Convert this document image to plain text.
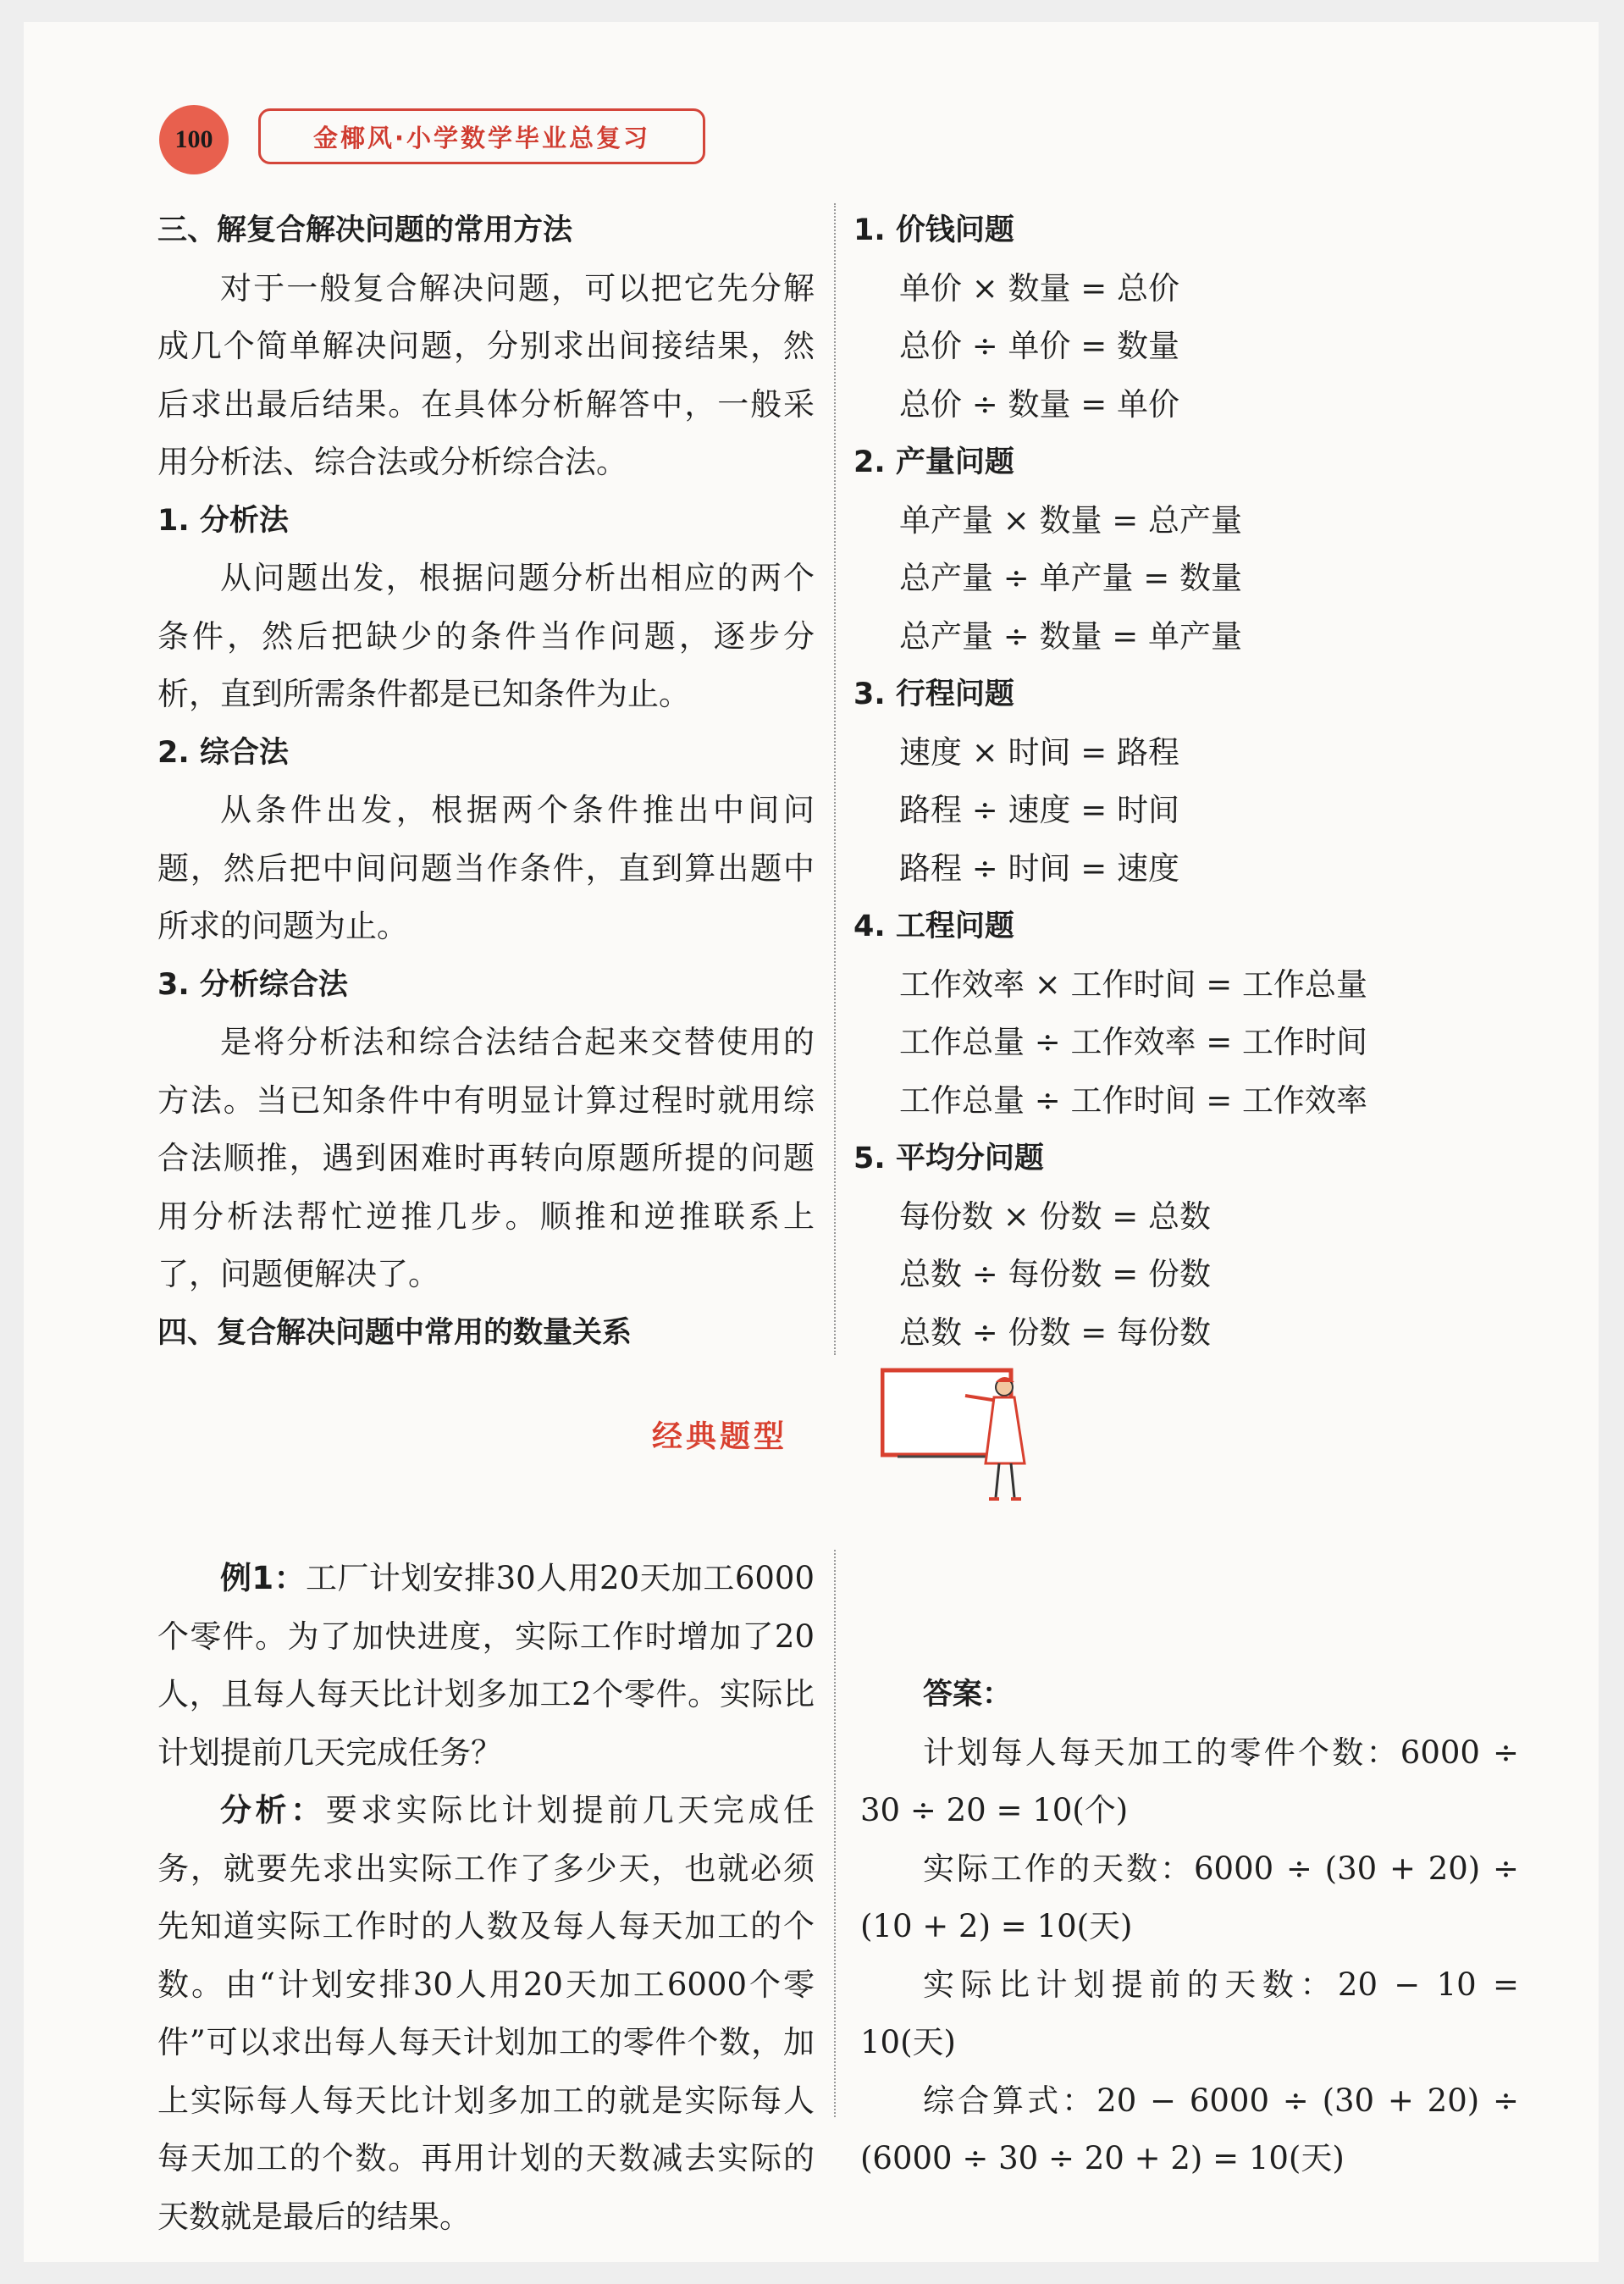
100	金椰风·小学数学毕业总复习
三、解复合解决问题的常用方法
对于一般复合解决问题，可以把它先分解成几个简单解决问题，分别求出间接结果，然后求出最后结果。在具体分析解答中，一般采用分析法、综合法或分析综合法。
1. 分析法
从问题出发，根据问题分析出相应的两个条件，然后把缺少的条件当作问题，逐步分析，直到所需条件都是已知条件为止。
2. 综合法
从条件出发，根据两个条件推出中间问题，然后把中间问题当作条件，直到算出题中所求的问题为止。
3. 分析综合法
是将分析法和综合法结合起来交替使用的方法。当已知条件中有明显计算过程时就用综合法顺推，遇到困难时再转向原题所提的问题用分析法帮忙逆推几步。顺推和逆推联系上了，问题便解决了。
四、复合解决问题中常用的数量关系
1. 价钱问题
单价 × 数量 = 总价
总价 ÷ 单价 = 数量
总价 ÷ 数量 = 单价
2. 产量问题
单产量 × 数量 = 总产量
总产量 ÷ 单产量 = 数量
总产量 ÷ 数量 = 单产量
3. 行程问题
速度 × 时间 = 路程
路程 ÷ 速度 = 时间
路程 ÷ 时间 = 速度
4. 工程问题
工作效率 × 工作时间 = 工作总量
工作总量 ÷ 工作效率 = 工作时间
工作总量 ÷ 工作时间 = 工作效率
5. 平均分问题
每份数 × 份数 = 总数
总数 ÷ 每份数 = 份数
总数 ÷ 份数 = 每份数
经典题型
例1：工厂计划安排30人用20天加工6000个零件。为了加快进度，实际工作时增加了20人，且每人每天比计划多加工2个零件。实际比计划提前几天完成任务？
分析：要求实际比计划提前几天完成任务，就要先求出实际工作了多少天，也就必须先知道实际工作时的人数及每人每天加工的个数。由“计划安排30人用20天加工6000个零件”可以求出每人每天计划加工的零件个数，加上实际每人每天比计划多加工的就是实际每人每天加工的个数。再用计划的天数减去实际的天数就是最后的结果。
答案：
计划每人每天加工的零件个数：6000 ÷ 30 ÷ 20 = 10(个)
实际工作的天数：6000 ÷ (30 + 20) ÷ (10 + 2) = 10(天)
实际比计划提前的天数：20 − 10 = 10(天)
综合算式：20 − 6000 ÷ (30 + 20) ÷ (6000 ÷ 30 ÷ 20 + 2) = 10(天)
